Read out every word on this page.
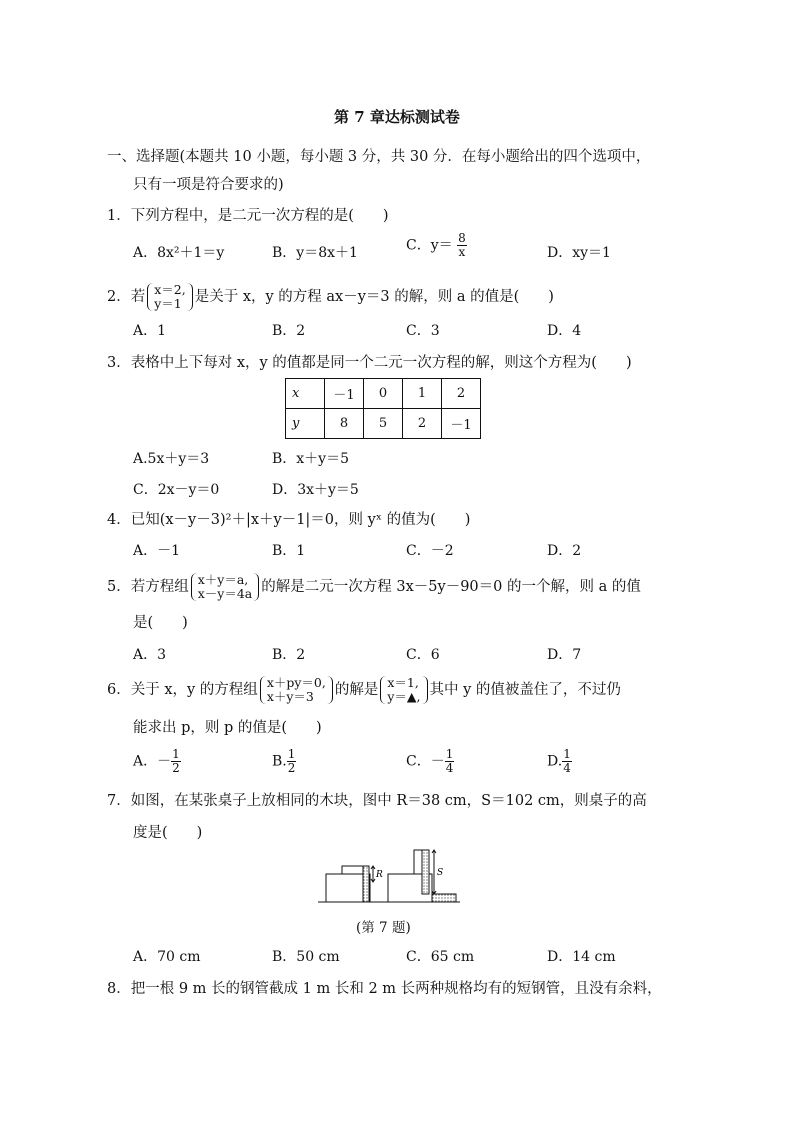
第 7 章达标测试卷
一、选择题(本题共 10 小题，每小题 3 分，共 30 分．在每小题给出的四个选项中，
只有一项是符合要求的)
1．下列方程中，是二元一次方程的是(　　)
A．8x²＋1＝y	B．y＝8x＋1	C．$y= \frac{8}{x}$	D．xy＝1
2．若 x＝2,
y＝1 是关于 x，y 的方程 ax－y＝3 的解，则 a 的值是(　　)
A．1	B．2	C．3	D．4
3．表格中上下每对 x，y 的值都是同一个二元一次方程的解，则这个方程为(　　)
x	－1	0	1	2
y	8	5	2	－1
A.5x＋y＝3	B．x＋y＝5
C．2x－y＝0	D．3x＋y＝5
4．已知(x－y－3)²＋|x＋y－1|＝0，则 yˣ 的值为(　　)
A．－1	B．1	C．－2	D．2
5．若方程组 x＋y＝a,
x－y＝4a 的解是二元一次方程 3x－5y－90＝0 的一个解，则 a 的值
是(　　)
A．3	B．2	C．6	D．7
6．关于 x，y 的方程组 x＋py＝0,
x＋y＝3	的解是 x＝1,
y＝▲, 其中 y 的值被盖住了，不过仍
能求出 p，则 p 的值是(　　)
A．－ $\frac{1}{2}$	B. $\frac{1}{2}$	C．－ $\frac{1}{4}$	D. $\frac{1}{4}$
7．如图，在某张桌子上放相同的木块，图中 R＝38 cm，S＝102 cm，则桌子的高
度是(　　)
R	S
(第 7 题)
A．70 cm	B．50 cm	C．65 cm	D．14 cm
8．把一根 9 m 长的钢管截成 1 m 长和 2 m 长两种规格均有的短钢管，且没有余料，
